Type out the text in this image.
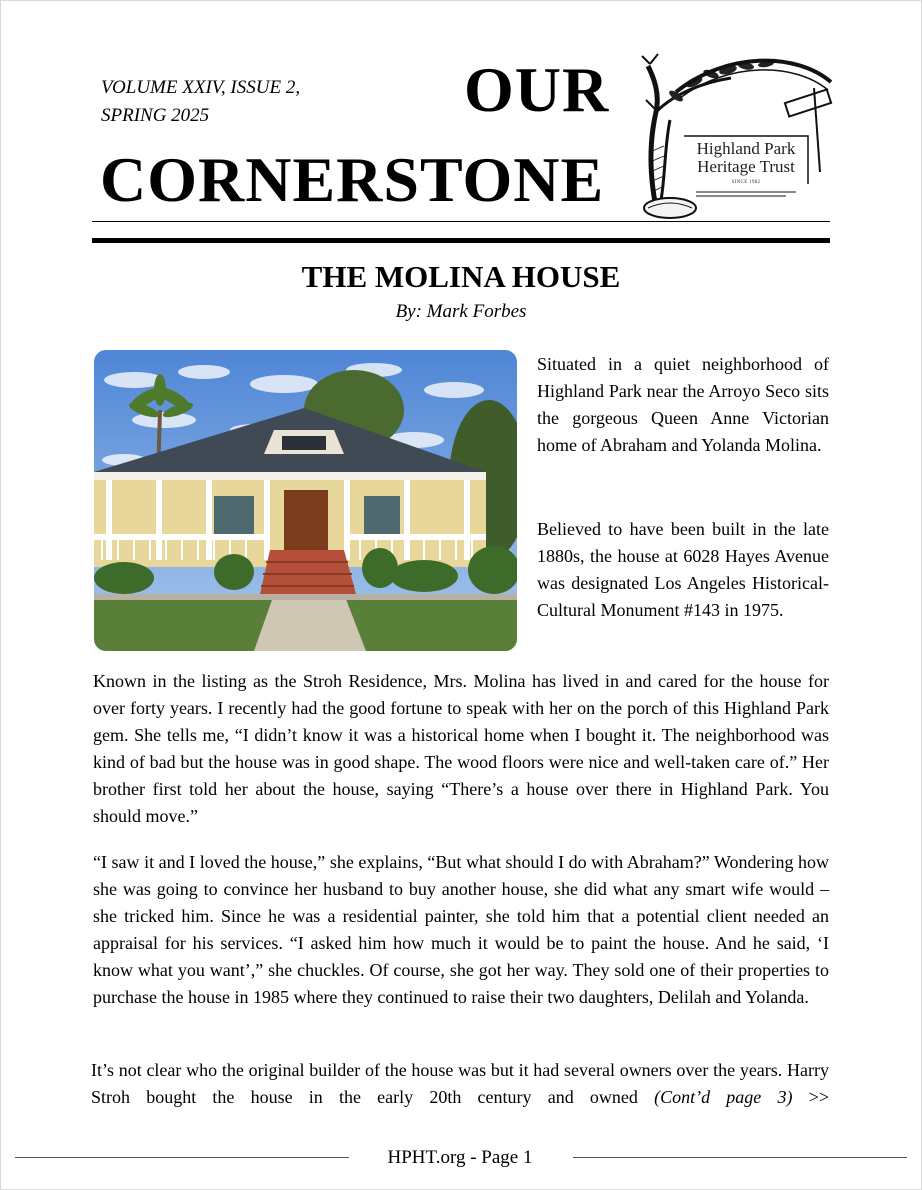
VOLUME XXIV, ISSUE 2,
SPRING 2025	OUR
CORNERSTONE	Highland Park
Heritage Trust
SINCE 1982
THE MOLINA HOUSE
By: Mark Forbes

Situated in a quiet neighborhood of Highland Park near the Arroyo Seco sits the gorgeous Queen Anne Victorian home of Abraham and Yolanda Molina.

Believed to have been built in the late 1880s, the house at 6028 Hayes Avenue was designated Los Angeles Historical-Cultural Monument #143 in 1975.

Known in the listing as the Stroh Residence, Mrs. Molina has lived in and cared for the house for over forty years. I recently had the good fortune to speak with her on the porch of this Highland Park gem. She tells me, “I didn’t know it was a historical home when I bought it. The neighborhood was kind of bad but the house was in good shape. The wood floors were nice and well-taken care of.” Her brother first told her about the house, saying “There’s a house over there in Highland Park. You should move.”

“I saw it and I loved the house,” she explains, “But what should I do with Abraham?” Wondering how she was going to convince her husband to buy another house, she did what any smart wife would – she tricked him. Since he was a residential painter, she told him that a potential client needed an appraisal for his services. “I asked him how much it would be to paint the house. And he said, ‘I know what you want’,” she chuckles. Of course, she got her way. They sold one of their properties to purchase the house in 1985 where they continued to raise their two daughters, Delilah and Yolanda.

It’s not clear who the original builder of the house was but it had several owners over the years. Harry Stroh bought the house in the early 20th century and owned (Cont’d page 3) >>

HPHT.org - Page 1
